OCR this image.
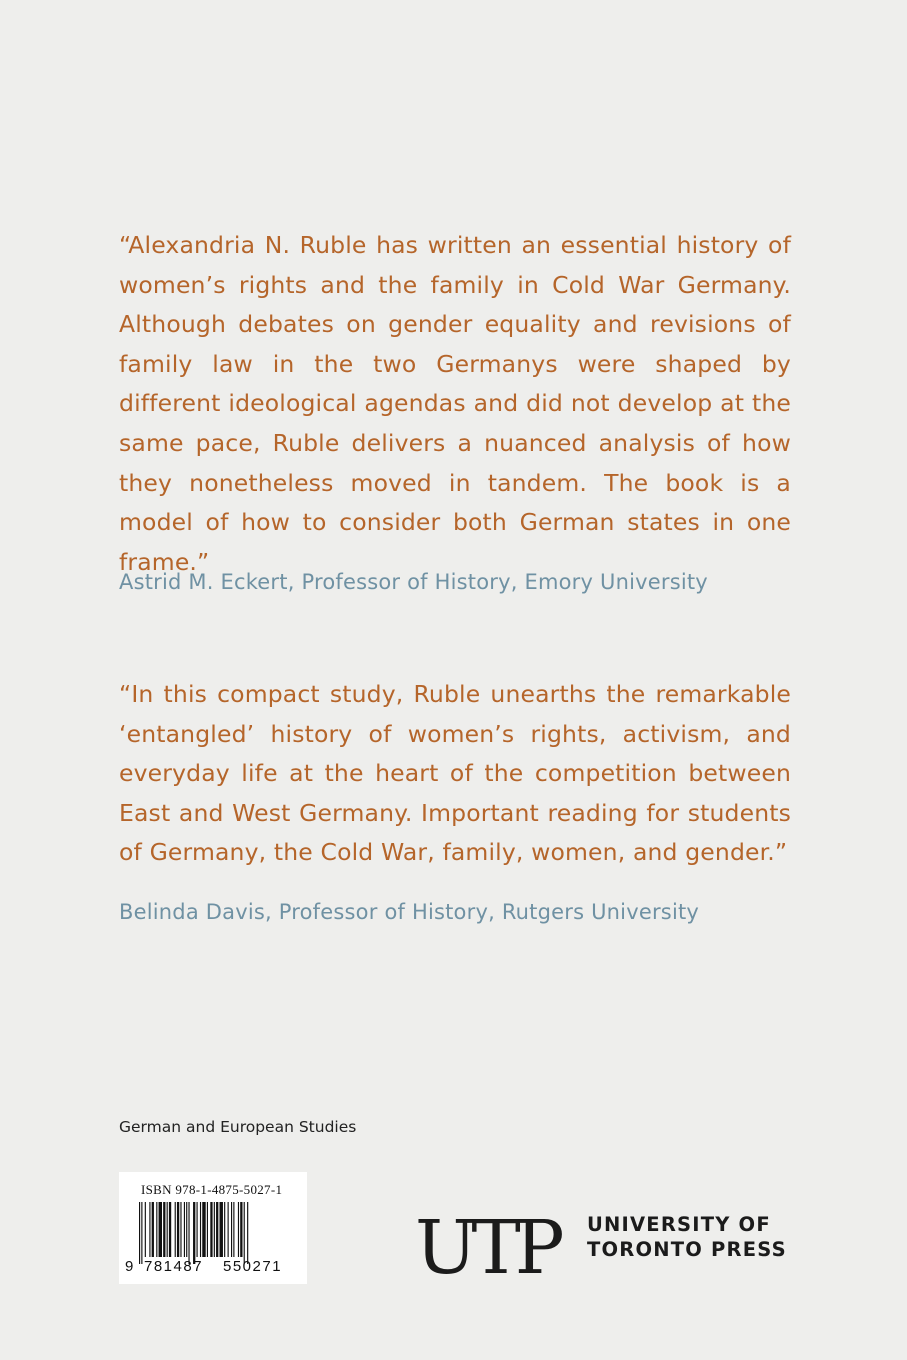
“Alexandria N. Ruble has written an essential history of women’s rights and the family in Cold War Germany. Although debates on gender equality and revisions of family law in the two Germanys were shaped by different ideological agendas and did not develop at the same pace, Ruble delivers a nuanced analysis of how they nonetheless moved in tandem. The book is a model of how to consider both German states in one frame.”

Astrid M. Eckert, Professor of History, Emory University

“In this compact study, Ruble unearths the remarkable ‘entangled’ history of women’s rights, activism, and everyday life at the heart of the competition between East and West Germany. Important reading for students of Germany, the Cold War, family, women, and gender.”

Belinda Davis, Professor of History, Rutgers University
German and European Studies
ISBN 978-1-4875-5027-1
9 781487 550271 UTP UNIVERSITY OF
TORONTO PRESS
